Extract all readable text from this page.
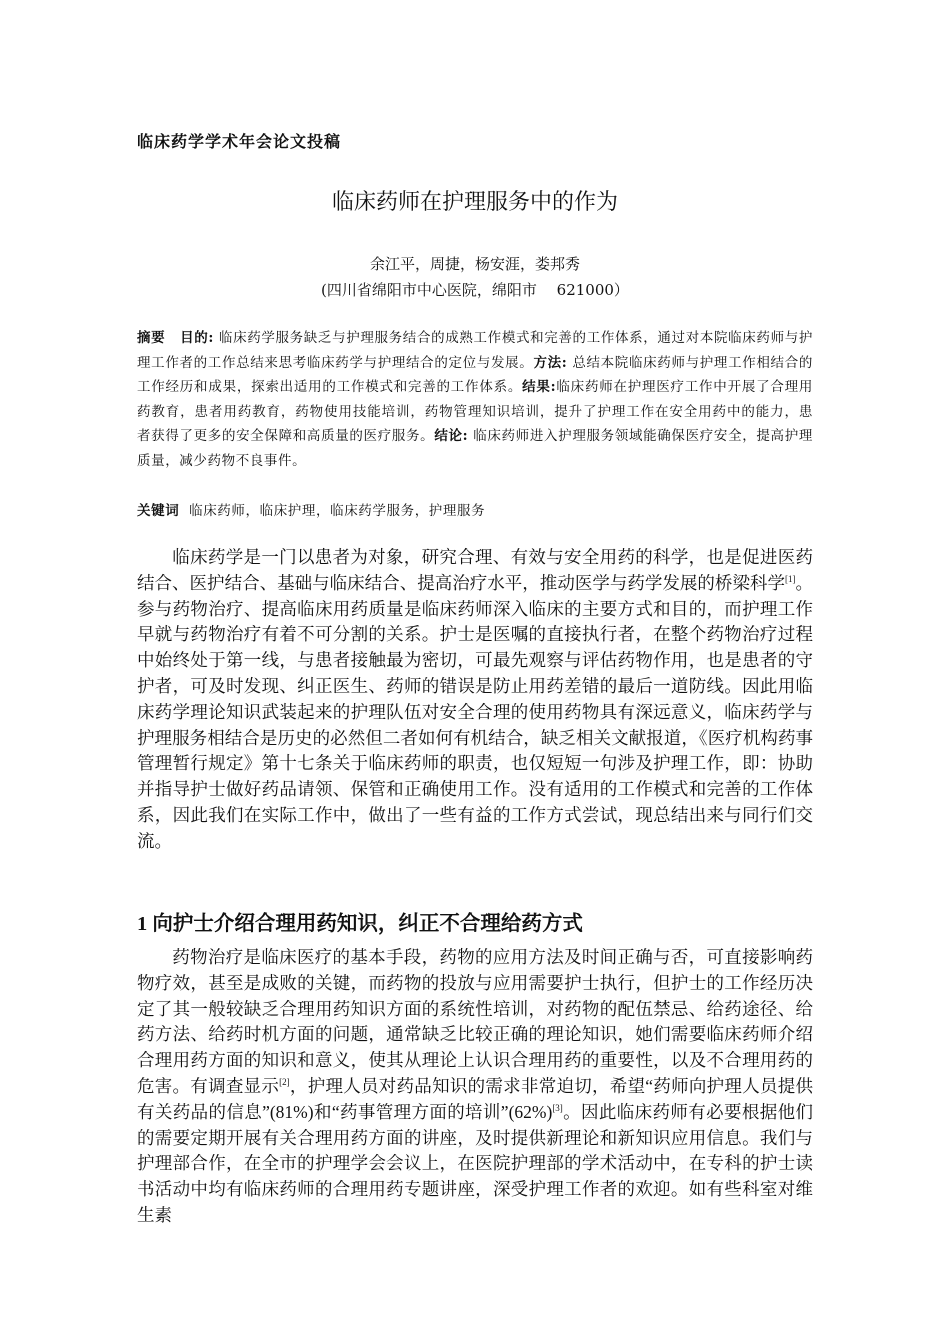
临床药学学术年会论文投稿
临床药师在护理服务中的作为
余江平，周捷，杨安涯，娄邦秀
(四川省绵阳市中心医院，绵阳市　 621000）
摘要 目的: 临床药学服务缺乏与护理服务结合的成熟工作模式和完善的工作体系，通过对本院临床药师与护理工作者的工作总结来思考临床药学与护理结合的定位与发展。方法: 总结本院临床药师与护理工作相结合的工作经历和成果，探索出适用的工作模式和完善的工作体系。结果:临床药师在护理医疗工作中开展了合理用药教育，患者用药教育，药物使用技能培训，药物管理知识培训，提升了护理工作在安全用药中的能力，患者获得了更多的安全保障和高质量的医疗服务。结论: 临床药师进入护理服务领域能确保医疗安全，提高护理质量，减少药物不良事件。
关键词 临床药师，临床护理，临床药学服务，护理服务
临床药学是一门以患者为对象，研究合理、有效与安全用药的科学，也是促进医药结合、医护结合、基础与临床结合、提高治疗水平，推动医学与药学发展的桥梁科学[1]。参与药物治疗、提高临床用药质量是临床药师深入临床的主要方式和目的，而护理工作早就与药物治疗有着不可分割的关系。护士是医嘱的直接执行者，在整个药物治疗过程中始终处于第一线，与患者接触最为密切，可最先观察与评估药物作用，也是患者的守护者，可及时发现、纠正医生、药师的错误是防止用药差错的最后一道防线。因此用临床药学理论知识武装起来的护理队伍对安全合理的使用药物具有深远意义，临床药学与护理服务相结合是历史的必然但二者如何有机结合，缺乏相关文献报道，《医疗机构药事管理暂行规定》第十七条关于临床药师的职责，也仅短短一句涉及护理工作，即：协助并指导护士做好药品请领、保管和正确使用工作。没有适用的工作模式和完善的工作体系，因此我们在实际工作中，做出了一些有益的工作方式尝试，现总结出来与同行们交流。
1 向护士介绍合理用药知识，纠正不合理给药方式
药物治疗是临床医疗的基本手段，药物的应用方法及时间正确与否，可直接影响药物疗效，甚至是成败的关键，而药物的投放与应用需要护士执行，但护士的工作经历决定了其一般较缺乏合理用药知识方面的系统性培训，对药物的配伍禁忌、给药途径、给药方法、给药时机方面的问题，通常缺乏比较正确的理论知识，她们需要临床药师介绍合理用药方面的知识和意义，使其从理论上认识合理用药的重要性，以及不合理用药的危害。有调查显示[2]，护理人员对药品知识的需求非常迫切，希望“药师向护理人员提供有关药品的信息”(81%)和“药事管理方面的培训”(62%)[3]。因此临床药师有必要根据他们的需要定期开展有关合理用药方面的讲座，及时提供新理论和新知识应用信息。我们与护理部合作，在全市的护理学会会议上，在医院护理部的学术活动中，在专科的护士读书活动中均有临床药师的合理用药专题讲座，深受护理工作者的欢迎。如有些科室对维生素
